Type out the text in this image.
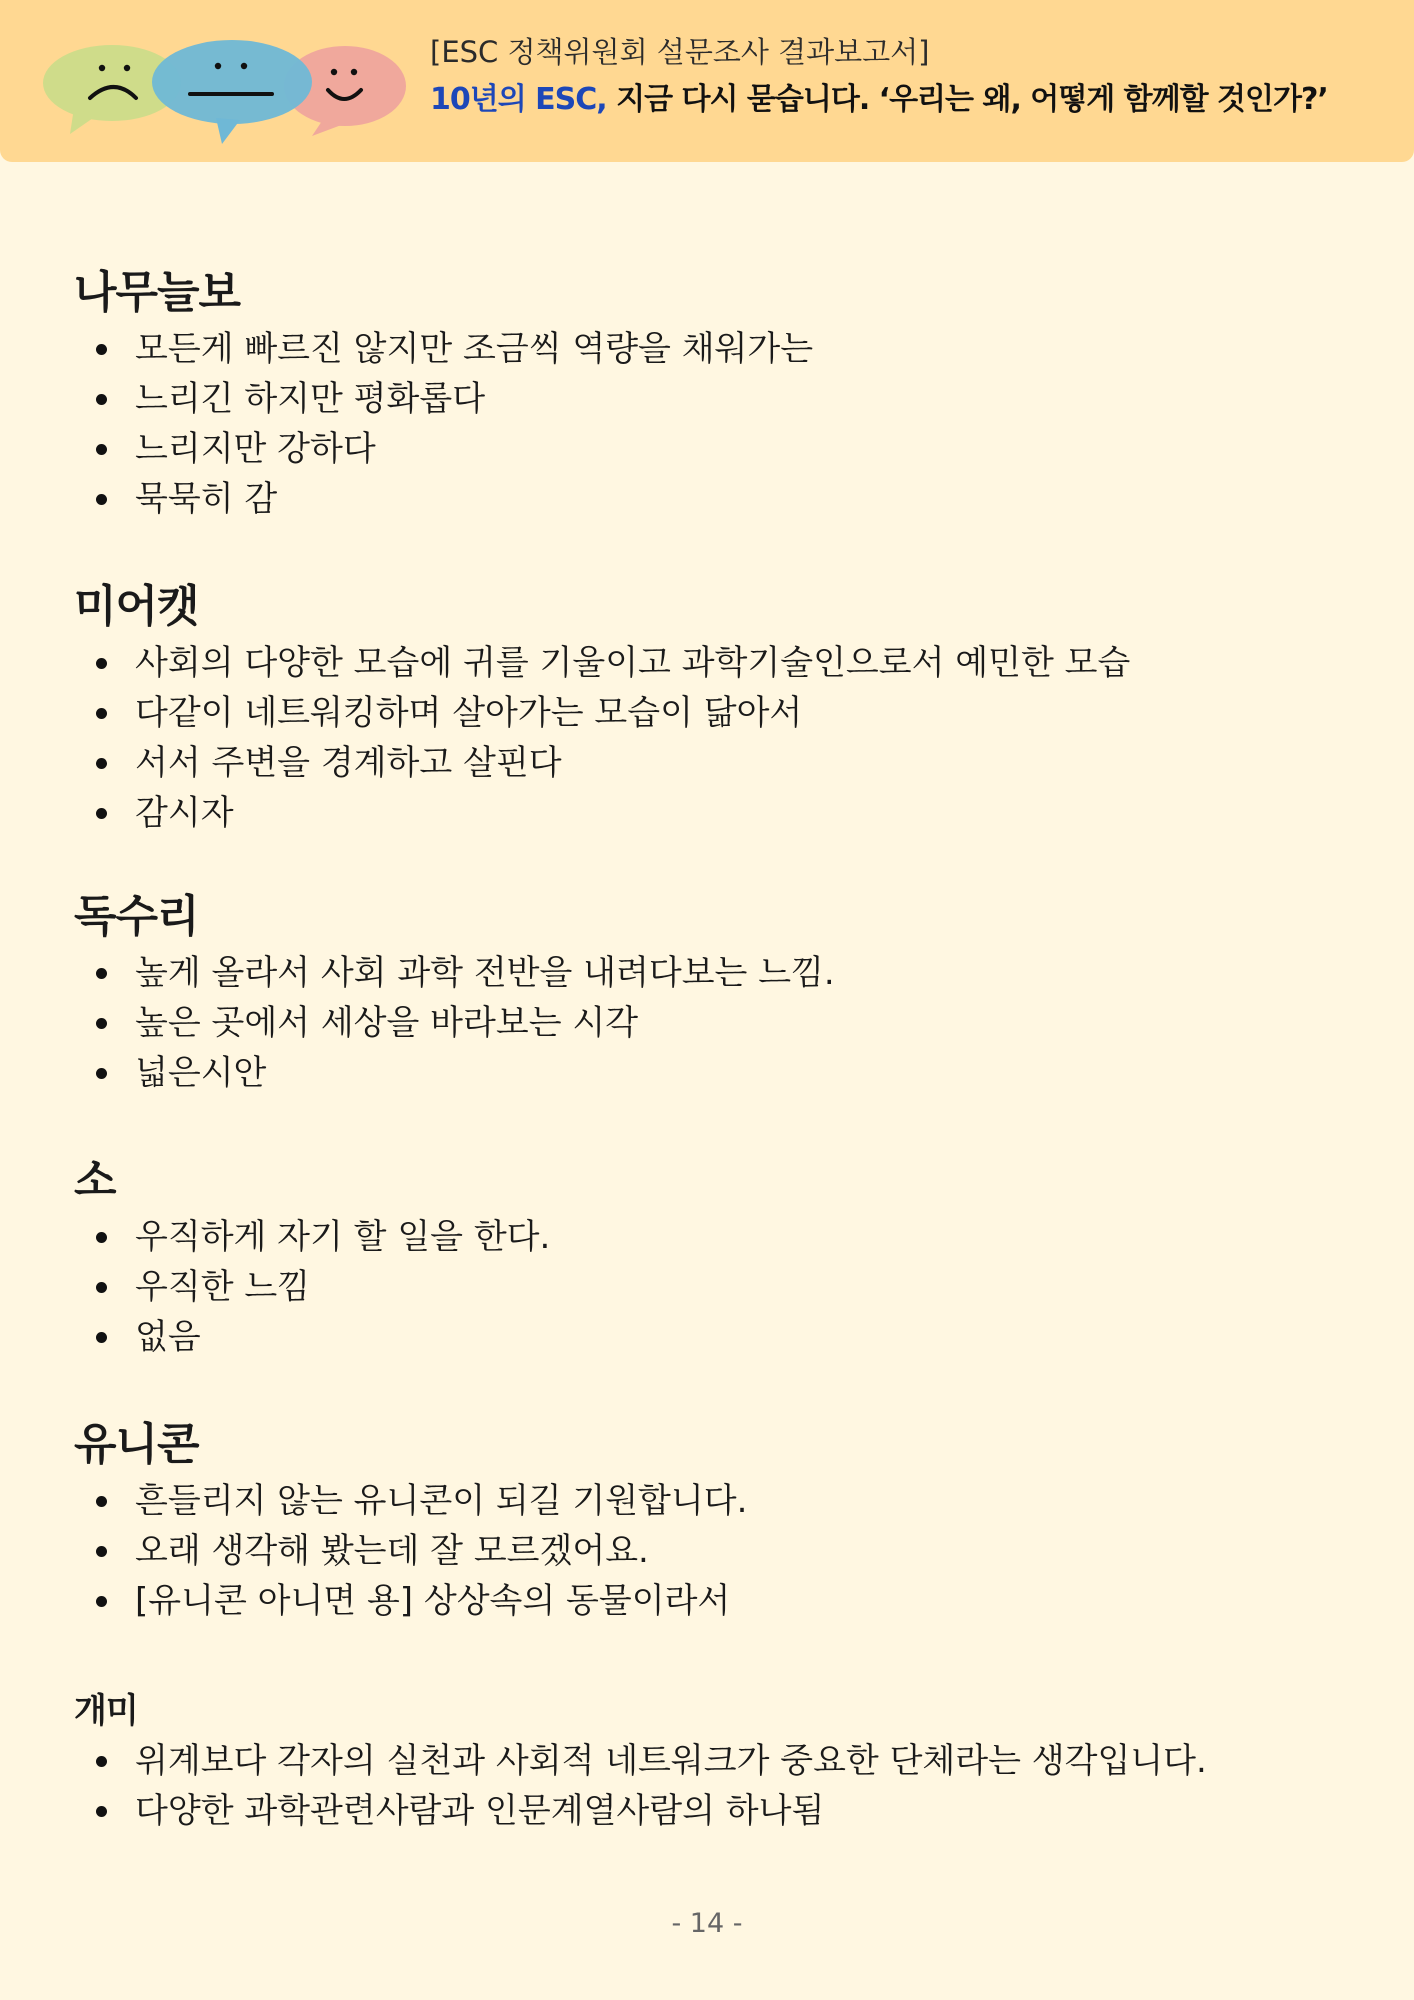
[ESC 정책위원회 설문조사 결과보고서]
10년의 ESC, 지금 다시 묻습니다. ‘우리는 왜, 어떻게 함께할 것인가?’
나무늘보
모든게 빠르진 않지만 조금씩 역량을 채워가는
느리긴 하지만 평화롭다
느리지만 강하다
묵묵히 감
미어캣
사회의 다양한 모습에 귀를 기울이고 과학기술인으로서 예민한 모습
다같이 네트워킹하며 살아가는 모습이 닮아서
서서 주변을 경계하고 살핀다
감시자
독수리
높게 올라서 사회 과학 전반을 내려다보는 느낌.
높은 곳에서 세상을 바라보는 시각
넓은시안
소
우직하게 자기 할 일을 한다.
우직한 느낌
없음
유니콘
흔들리지 않는 유니콘이 되길 기원합니다.
오래 생각해 봤는데 잘 모르겠어요.
[유니콘 아니면 용] 상상속의 동물이라서
개미
위계보다 각자의 실천과 사회적 네트워크가 중요한 단체라는 생각입니다.
다양한 과학관련사람과 인문계열사람의 하나됨
- 14 -
